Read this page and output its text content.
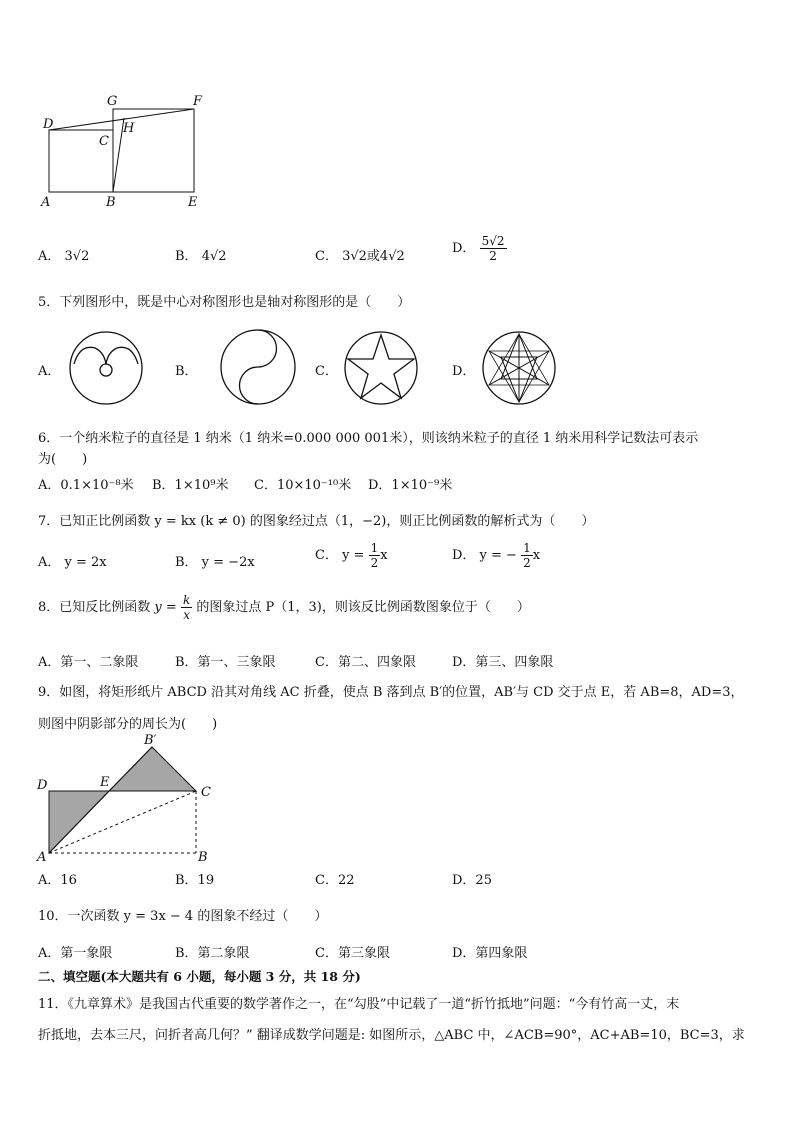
G	F
D	H
C
A	B	E
A． 3√2	B． 4√2	C． 3√2或4√2
D． $\frac{5√2}{2}$
5．下列图形中，既是中心对称图形也是轴对称图形的是（　　）
A．	B．	C．	D．
6．一个纳米粒子的直径是 1 纳米（1 纳米=0.000 000 001米），则该纳米粒子的直径 1 纳米用科学记数法可表示
为(　　)
A．0.1×10⁻⁸米 B．1×10⁹米 C．10×10⁻¹⁰米 D．1×10⁻⁹米
7．已知正比例函数 y = kx (k ≠ 0) 的图象经过点（1，−2)，则正比例函数的解析式为（　　）
A． y = 2x	B． y = −2x	C． $y = \frac{1}{2}$ x	D． y = − $\frac{1}{2}$ x
8．已知反比例函数 $y = \frac{k}{x}$ 的图象过点 P（1，3)，则该反比例函数图象位于（　　）
A．第一、二象限	B．第一、三象限	C．第二、四象限	D．第三、四象限
9．如图，将矩形纸片 ABCD 沿其对角线 AC 折叠，使点 B 落到点 B′的位置，AB′与 CD 交于点 E，若 AB=8，AD=3，
则图中阴影部分的周长为(　　)
B′
D	E
C
A	B
A．16	B．19	C．22	D．25
10．一次函数 y = 3x − 4 的图象不经过（　　）
A．第一象限	B．第二象限	C．第三象限	D．第四象限
二、填空题(本大题共有 6 小题，每小题 3 分，共 18 分)
11．《九章算术》是我国古代重要的数学著作之一，在“勾股”中记载了一道“折竹抵地”问题：“今有竹高一丈，末
折抵地，去本三尺，问折者高几何？” 翻译成数学问题是: 如图所示，△ABC 中，∠ACB=90°，AC+AB=10，BC=3，求
